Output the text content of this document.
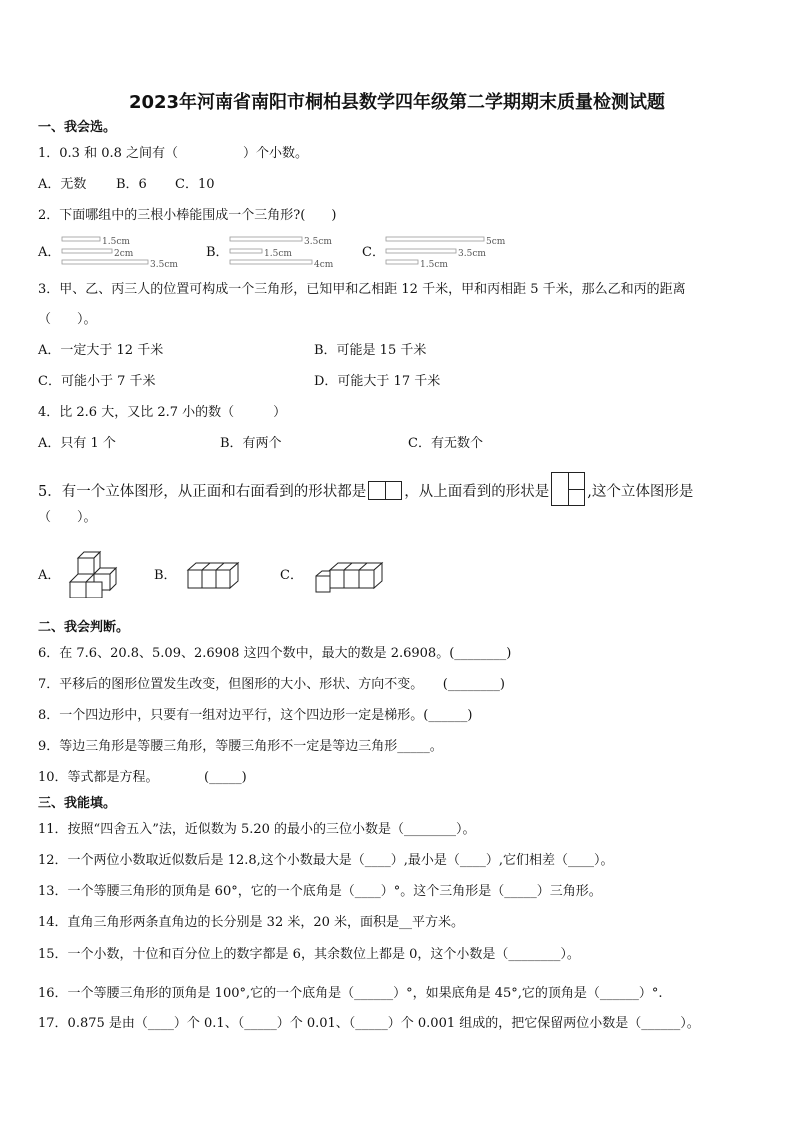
2023年河南省南阳市桐柏县数学四年级第二学期期末质量检测试题
一、我会选。
1．0.3 和 0.8 之间有（　　　　　）个小数。
A．无数 B．6 C．10
2．下面哪组中的三根小棒能围成一个三角形?(　　)
A．
1.5cm
2cm
3.5cm
B．
3.5cm
1.5cm
4cm
C．
5cm
3.5cm
1.5cm
3．甲、乙、丙三人的位置可构成一个三角形，已知甲和乙相距 12 千米，甲和丙相距 5 千米，那么乙和丙的距离
（　　）。
A．一定大于 12 千米	B．可能是 15 千米
C．可能小于 7 千米	D．可能大于 17 千米
4．比 2.6 大，又比 2.7 小的数（　　　）
A．只有 1 个	B．有两个	C．有无数个
5．有一个立体图形，从正面和右面看到的形状都是	，从上面看到的形状是	,这个立体图形是
（　　）。
A．	B．	C．
二、我会判断。
6．在 7.6、20.8、5.09、2.6908 这四个数中，最大的数是 2.6908。(________)
7．平移后的图形位置发生改变，但图形的大小、形状、方向不变。　　(________)
8．一个四边形中，只要有一组对边平行，这个四边形一定是梯形。(______)
9．等边三角形是等腰三角形，等腰三角形不一定是等边三角形_____。
10．等式都是方程。　　　　(_____)
三、我能填。
11．按照“四舍五入”法，近似数为 5.20 的最小的三位小数是（________）。
12．一个两位小数取近似数后是 12.8,这个小数最大是（____）,最小是（____）,它们相差（____）。
13．一个等腰三角形的顶角是 60°，它的一个底角是（____）°。这个三角形是（_____）三角形。
14．直角三角形两条直角边的长分别是 32 米，20 米，面积是__平方米。
15．一个小数，十位和百分位上的数字都是 6，其余数位上都是 0，这个小数是（________）。
16．一个等腰三角形的顶角是 100°,它的一个底角是（______）°，如果底角是 45°,它的顶角是（______）°.
17．0.875 是由（____）个 0.1、（_____）个 0.01、（_____）个 0.001 组成的，把它保留两位小数是（______）。
